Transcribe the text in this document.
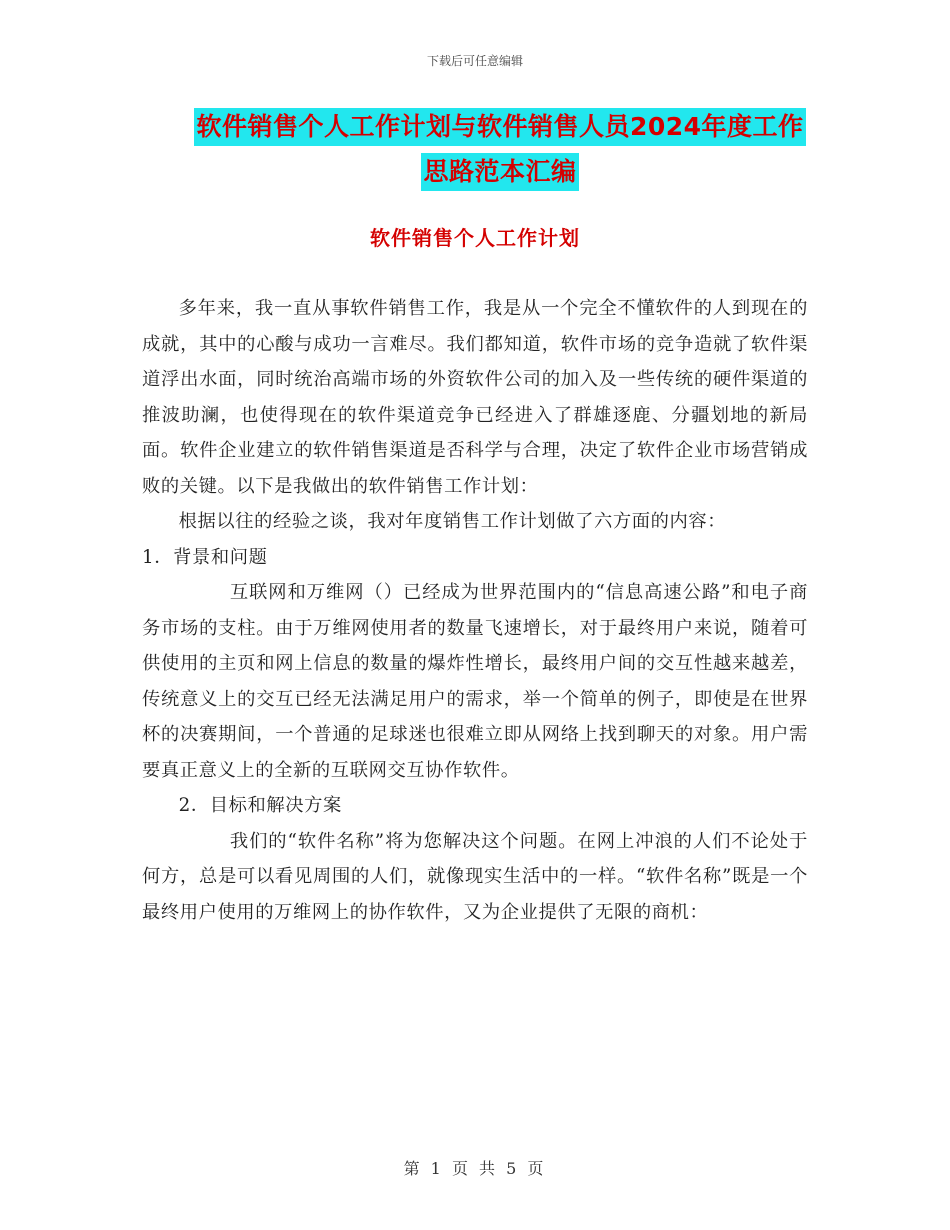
下载后可任意编辑
软件销售个人工作计划与软件销售人员2024年度工作
思路范本汇编
软件销售个人工作计划

多年来，我一直从事软件销售工作，我是从一个完全不懂软件的人到现在的成就，其中的心酸与成功一言难尽。我们都知道，软件市场的竞争造就了软件渠道浮出水面，同时统治高端市场的外资软件公司的加入及一些传统的硬件渠道的推波助澜，也使得现在的软件渠道竞争已经进入了群雄逐鹿、分疆划地的新局面。软件企业建立的软件销售渠道是否科学与合理，决定了软件企业市场营销成败的关键。以下是我做出的软件销售工作计划：

根据以往的经验之谈，我对年度销售工作计划做了六方面的内容：

1．背景和问题

互联网和万维网（）已经成为世界范围内的“信息高速公路”和电子商务市场的支柱。由于万维网使用者的数量飞速增长，对于最终用户来说，随着可供使用的主页和网上信息的数量的爆炸性增长，最终用户间的交互性越来越差，传统意义上的交互已经无法满足用户的需求，举一个简单的例子，即使是在世界杯的决赛期间，一个普通的足球迷也很难立即从网络上找到聊天的对象。用户需要真正意义上的全新的互联网交互协作软件。

2．目标和解决方案

我们的“软件名称”将为您解决这个问题。在网上冲浪的人们不论处于何方，总是可以看见周围的人们，就像现实生活中的一样。“软件名称”既是一个最终用户使用的万维网上的协作软件，又为企业提供了无限的商机：

第 1 页 共 5 页
